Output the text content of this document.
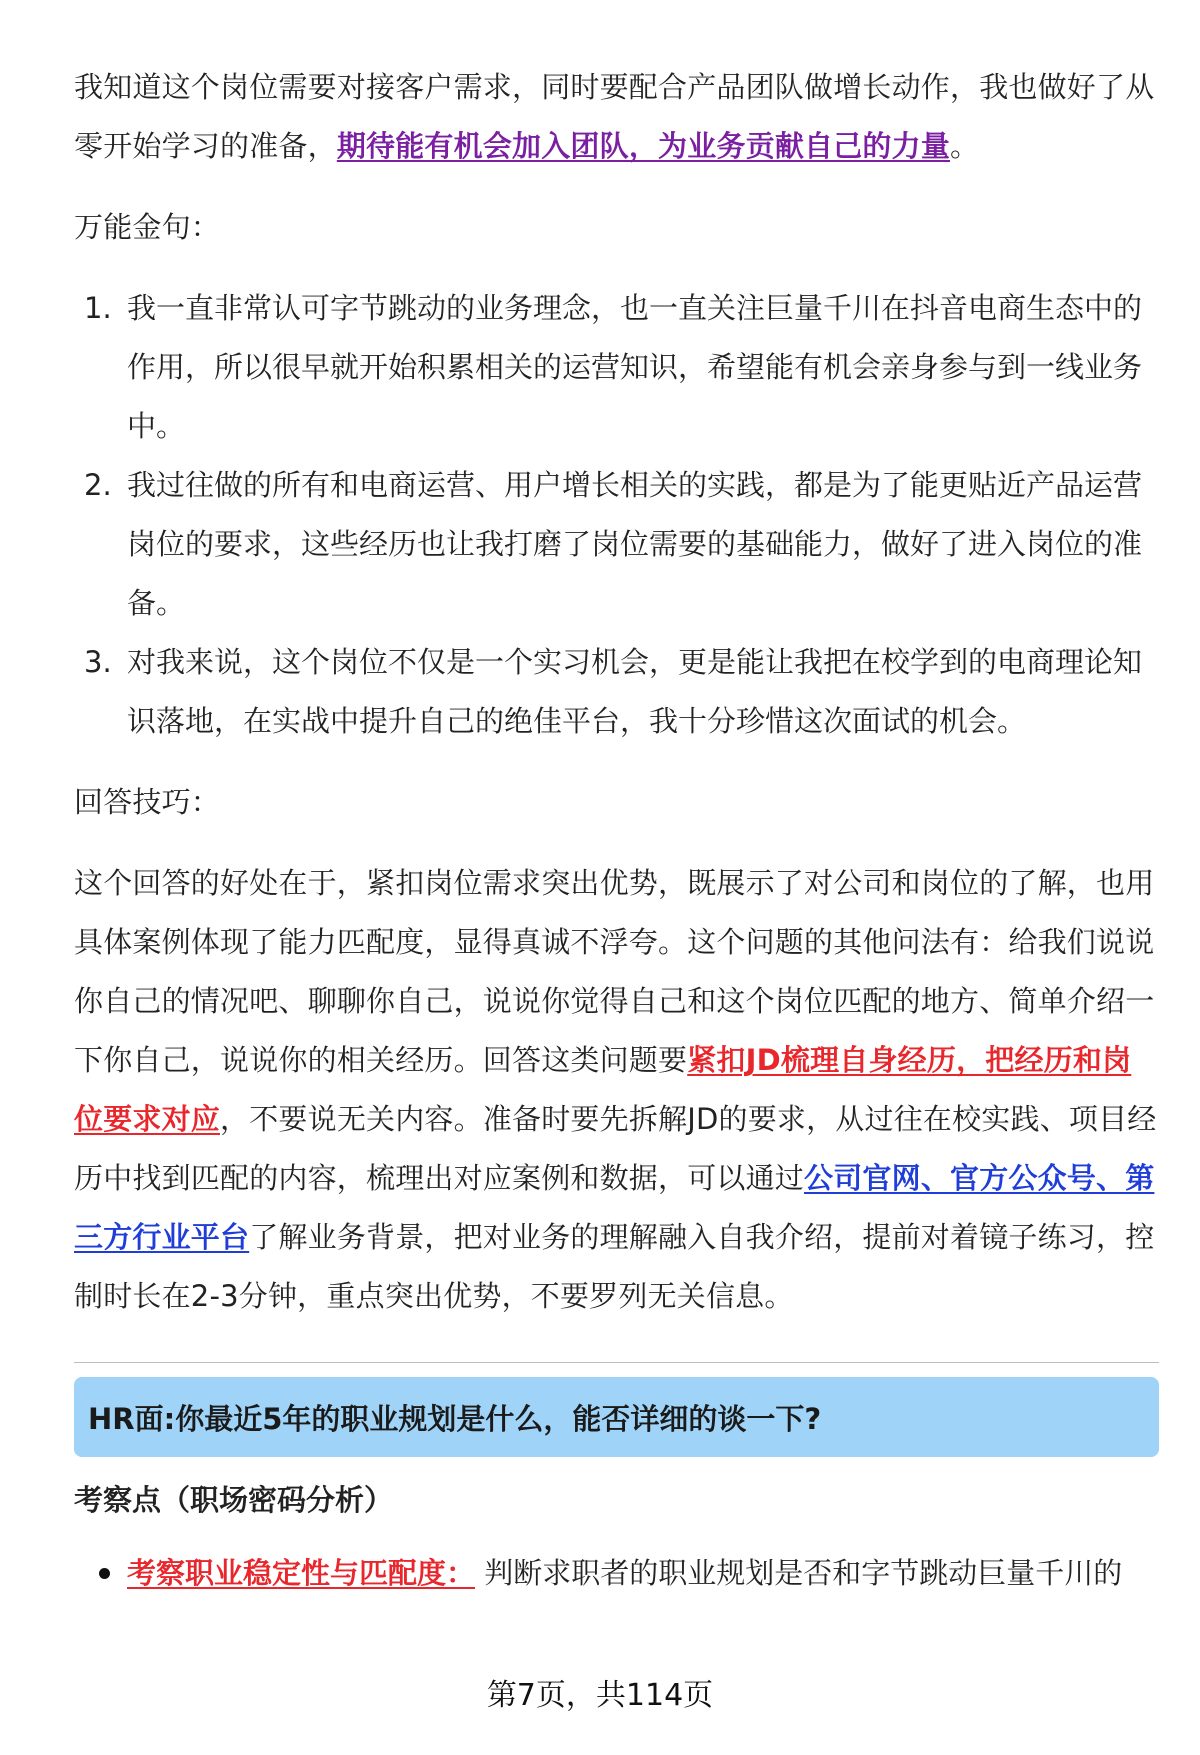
我知道这个岗位需要对接客户需求，同时要配合产品团队做增长动作，我也做好了从零开始学习的准备，期待能有机会加入团队，为业务贡献自己的力量。

万能金句：

1. 我一直非常认可字节跳动的业务理念，也一直关注巨量千川在抖音电商生态中的作用，所以很早就开始积累相关的运营知识，希望能有机会亲身参与到一线业务中。
2. 我过往做的所有和电商运营、用户增长相关的实践，都是为了能更贴近产品运营岗位的要求，这些经历也让我打磨了岗位需要的基础能力，做好了进入岗位的准备。
3. 对我来说，这个岗位不仅是一个实习机会，更是能让我把在校学到的电商理论知识落地，在实战中提升自己的绝佳平台，我十分珍惜这次面试的机会。

回答技巧：

这个回答的好处在于，紧扣岗位需求突出优势，既展示了对公司和岗位的了解，也用具体案例体现了能力匹配度，显得真诚不浮夸。这个问题的其他问法有：给我们说说你自己的情况吧、聊聊你自己，说说你觉得自己和这个岗位匹配的地方、简单介绍一下你自己，说说你的相关经历。回答这类问题要紧扣JD梳理自身经历，把经历和岗位要求对应，不要说无关内容。准备时要先拆解JD的要求，从过往在校实践、项目经历中找到匹配的内容，梳理出对应案例和数据，可以通过公司官网、官方公众号、第三方行业平台了解业务背景，把对业务的理解融入自我介绍，提前对着镜子练习，控制时长在2-3分钟，重点突出优势，不要罗列无关信息。

HR面:你最近5年的职业规划是什么，能否详细的谈一下?
考察点（职场密码分析）
考察职业稳定性与匹配度： 判断求职者的职业规划是否和字节跳动巨量千川的
第7页，共114页
